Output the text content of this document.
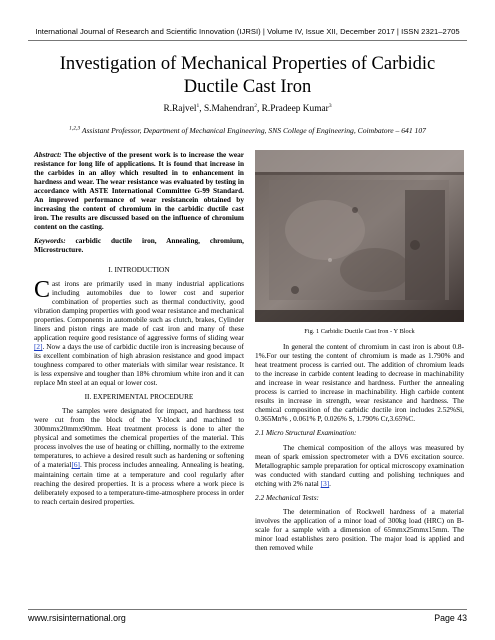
International Journal of Research and Scientific Innovation (IJRSI) | Volume IV, Issue XII, December 2017 | ISSN 2321–2705
Investigation of Mechanical Properties of Carbidic
Ductile Cast Iron
R.Rajvel$^1$, S.Mahendran$^2$, R.Pradeep Kumar$^3$
$^{1,2,3}$ Assistant Professor, Department of Mechanical Engineering, SNS College of Engineering, Coimbatore – 641 107

Abstract: The objective of the present work is to increase the wear resistance for long life of applications. It is found that increase in the carbides in an alloy which resulted in to enhancement in hardness and wear. The wear resistance was evaluated by testing in accordance with ASTE International Committee G-99 Standard. An improved performance of wear resistancein obtained by increasing the content of chromium in the carbidic ductile cast iron. The results are discussed based on the influence of chromium content on the casting.

Keywords: carbidic ductile iron, Annealing, chromium, Microstructure.

I. INTRODUCTION

Cast irons are primarily used in many industrial applications including automobiles due to lower cost and superior combination of properties such as thermal conductivity, good vibration damping properties with good wear resistance and mechanical properties. Components in automobile such as clutch, brakes, Cylinder liners and piston rings are made of cast iron and many of these application require good resistance of aggressive forms of sliding wear [2]. Now a days the use of carbidic ductile iron is increasing because of its excellent combination of high abrasion resistance and good impact toughness compared to other materials with similar wear resistance. It is less expensive and tougher than 18% chromium white iron and it can replace Mn steel at an equal or lower cost.

II. EXPERIMENTAL PROCEDURE

The samples were designated for impact, and hardness test were cut from the block of the Y-block and machined to 300mmx20mmx90mm. Heat treatment process is done to alter the physical and sometimes the chemical properties of the material. This process involves the use of heating or chilling, normally to the extreme temperatures, to achieve a desired result such as hardening or softening of a material[6]. This process includes annealing. Annealing is heating, maintaining certain time at a temperature and cool regularly after reaching the desired properties. It is a process where a work piece is deliberately exposed to a temperature-time-atmosphere process in order to reach certain desired properties.

Fig. 1 Carbidic Ductile Cast Iron - Y Block

In general the content of chromium in cast iron is about 0.8-1%.For our testing the content of chromium is made as 1.790% and heat treatment process is carried out. The addition of chromium leads to the increase in carbide content leading to decrease in machinability and increase in wear resistance and hardness. Further the annealing process is carried to increase in machinability. High carbide content results in increase in strength, wear resistance and hardness. The chemical composition of the carbidic ductile iron includes 2.52%Si, 0.365Mn% , 0.061% P, 0.026% S, 1.790% Cr,3.65%C.

2.1 Micro Structural Examination:

The chemical composition of the alloys was measured by mean of spark emission spectrometer with a DV6 excitation source. Metallographic sample preparation for optical microscopy examination was conducted with standard cutting and polishing techniques and etching with 2% natal [3].

2.2 Mechanical Tests:

The determination of Rockwell hardness of a material involves the application of a minor load of 300kg load (HRC) on B- scale for a sample with a dimension of 65mmx25mmx15mm. The minor load establishes zero position. The major load is applied and then removed while

www.rsisinternational.org	Page 43
